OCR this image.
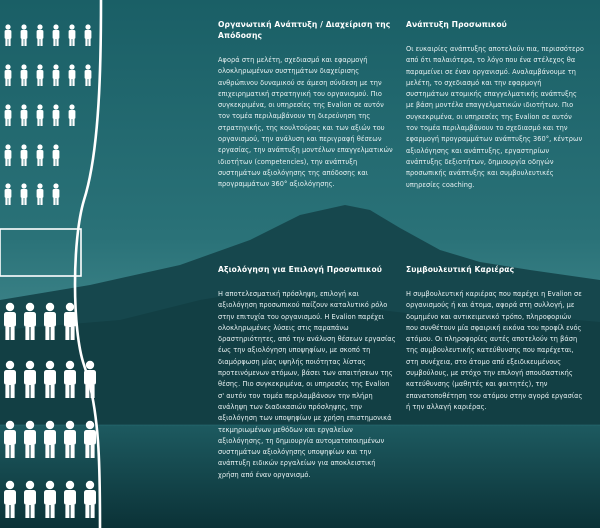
Οργανωτική Ανάπτυξη / Διαχείριση της Απόδοσης

Αφορά στη μελέτη, σχεδιασμό και εφαρμογή ολοκληρωμένων συστημάτων διαχείρισης ανθρώπινου δυναμικού σε άμεση σύνδεση με την επιχειρηματική στρατηγική του οργανισμού. Πιο συγκεκριμένα, οι υπηρεσίες της Evalion σε αυτόν τον τομέα περιλαμβάνουν τη διερεύνηση της στρατηγικής, της κουλτούρας και των αξιών του οργανισμού, την ανάλυση και περιγραφή θέσεων εργασίας, την ανάπτυξη μοντέλων επαγγελματικών ιδιοτήτων (competencies), την ανάπτυξη συστημάτων αξιολόγησης της απόδοσης και προγραμμάτων 360° αξιολόγησης.

Ανάπτυξη Προσωπικού

Οι ευκαιρίες ανάπτυξης αποτελούν πια, περισσότερο από ότι παλαιότερα, το λόγο που ένα στέλεχος θα παραμείνει σε έναν οργανισμό. Αναλαμβάνουμε τη μελέτη, το σχεδιασμό και την εφαρμογή συστημάτων ατομικής επαγγελματικής ανάπτυξης με βάση μοντέλα επαγγελματικών ιδιοτήτων. Πιο συγκεκριμένα, οι υπηρεσίες της Evalion σε αυτόν τον τομέα περιλαμβάνουν το σχεδιασμό και την εφαρμογή προγραμμάτων ανάπτυξης 360°, κέντρων αξιολόγησης και ανάπτυξης, εργαστηρίων ανάπτυξης δεξιοτήτων, δημιουργία οδηγών προσωπικής ανάπτυξης και συμβουλευτικές υπηρεσίες coaching.

Αξιολόγηση για Επιλογή Προσωπικού

Η αποτελεσματική πρόσληψη, επιλογή και αξιολόγηση προσωπικού παίζουν καταλυτικό ρόλο στην επιτυχία του οργανισμού. Η Evalion παρέχει ολοκληρωμένες λύσεις στις παραπάνω δραστηριότητες, από την ανάλυση θέσεων εργασίας έως την αξιολόγηση υποψηφίων, με σκοπό τη διαμόρφωση μίας υψηλής ποιότητας λίστας προτεινόμενων ατόμων, βάσει των απαιτήσεων της θέσης. Πιο συγκεκριμένα, οι υπηρεσίες της Evalion σ' αυτόν τον τομέα περιλαμβάνουν την πλήρη ανάληψη των διαδικασιών πρόσληψης, την αξιολόγηση των υποψηφίων με χρήση επιστημονικά τεκμηριωμένων μεθόδων και εργαλείων αξιολόγησης, τη δημιουργία αυτοματοποιημένων συστημάτων αξιολόγησης υποψηφίων και την ανάπτυξη ειδικών εργαλείων για αποκλειστική χρήση από έναν οργανισμό.

Συμβουλευτική Καριέρας

Η συμβουλευτική καριέρας που παρέχει η Evalion σε οργανισμούς ή και άτομα, αφορά στη συλλογή, με δομημένο και αντικειμενικό τρόπο, πληροφοριών που συνθέτουν μία σφαιρική εικόνα του προφίλ ενός ατόμου. Οι πληροφορίες αυτές αποτελούν τη βάση της συμβουλευτικής κατεύθυνσης που παρέχεται, στη συνέχεια, στο άτομο από εξειδικευμένους συμβούλους, με στόχο την επιλογή σπουδαστικής κατεύθυνσης (μαθητές και φοιτητές), την επανατοποθέτηση του ατόμου στην αγορά εργασίας ή την αλλαγή καριέρας.
